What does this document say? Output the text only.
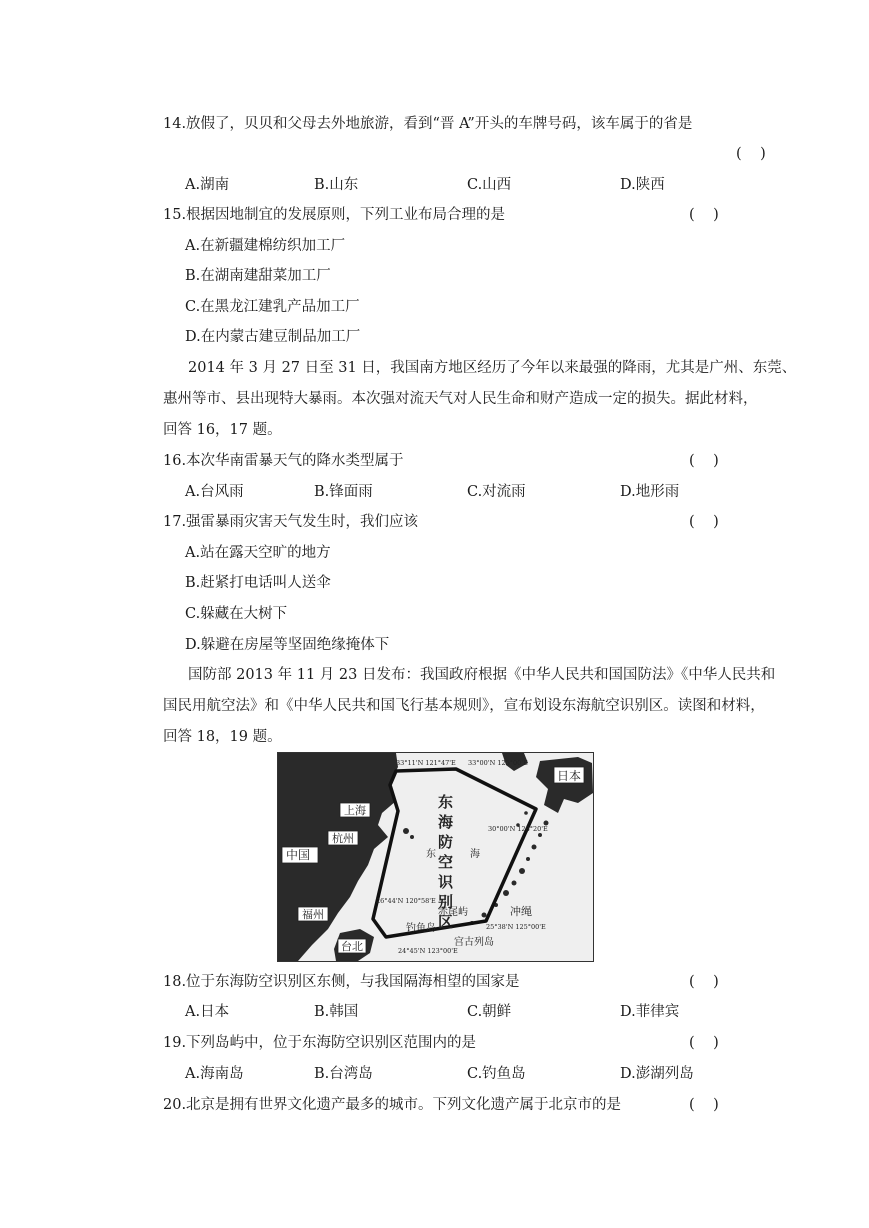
14.放假了，贝贝和父母去外地旅游，看到“晋 A”开头的车牌号码，该车属于的省是
(    )
A.湖南	B.山东	C.山西	D.陕西
15.根据因地制宜的发展原则，下列工业布局合理的是	(    )
A.在新疆建棉纺织加工厂
B.在湖南建甜菜加工厂
C.在黑龙江建乳产品加工厂
D.在内蒙古建豆制品加工厂
2014 年 3 月 27 日至 31 日，我国南方地区经历了今年以来最强的降雨，尤其是广州、东莞、
惠州等市、县出现特大暴雨。本次强对流天气对人民生命和财产造成一定的损失。据此材料，
回答 16，17 题。
16.本次华南雷暴天气的降水类型属于	(    )
A.台风雨	B.锋面雨	C.对流雨	D.地形雨
17.强雷暴雨灾害天气发生时，我们应该	(    )
A.站在露天空旷的地方
B.赶紧打电话叫人送伞
C.躲藏在大树下
D.躲避在房屋等坚固绝缘掩体下
国防部 2013 年 11 月 23 日发布：我国政府根据《中华人民共和国国防法》《中华人民共和
国民用航空法》和《中华人民共和国飞行基本规则》，宣布划设东海航空识别区。读图和材料，
回答 18，19 题。
东
海
防
空
识
别
区
东	海
中国
上海
杭州
福州
台北
日本
冲绳
钓鱼岛
赤尾屿
宫古列岛
33°11'N 121°47'E 33°00'N 125°00'E
30°00'N 128°20'E
26°44'N 120°58'E
25°38'N 125°00'E
24°45'N 123°00'E
18.位于东海防空识别区东侧，与我国隔海相望的国家是	(    )
A.日本	B.韩国	C.朝鲜	D.菲律宾
19.下列岛屿中，位于东海防空识别区范围内的是	(    )
A.海南岛	B.台湾岛	C.钓鱼岛	D.澎湖列岛
20.北京是拥有世界文化遗产最多的城市。下列文化遗产属于北京市的是	(    )
